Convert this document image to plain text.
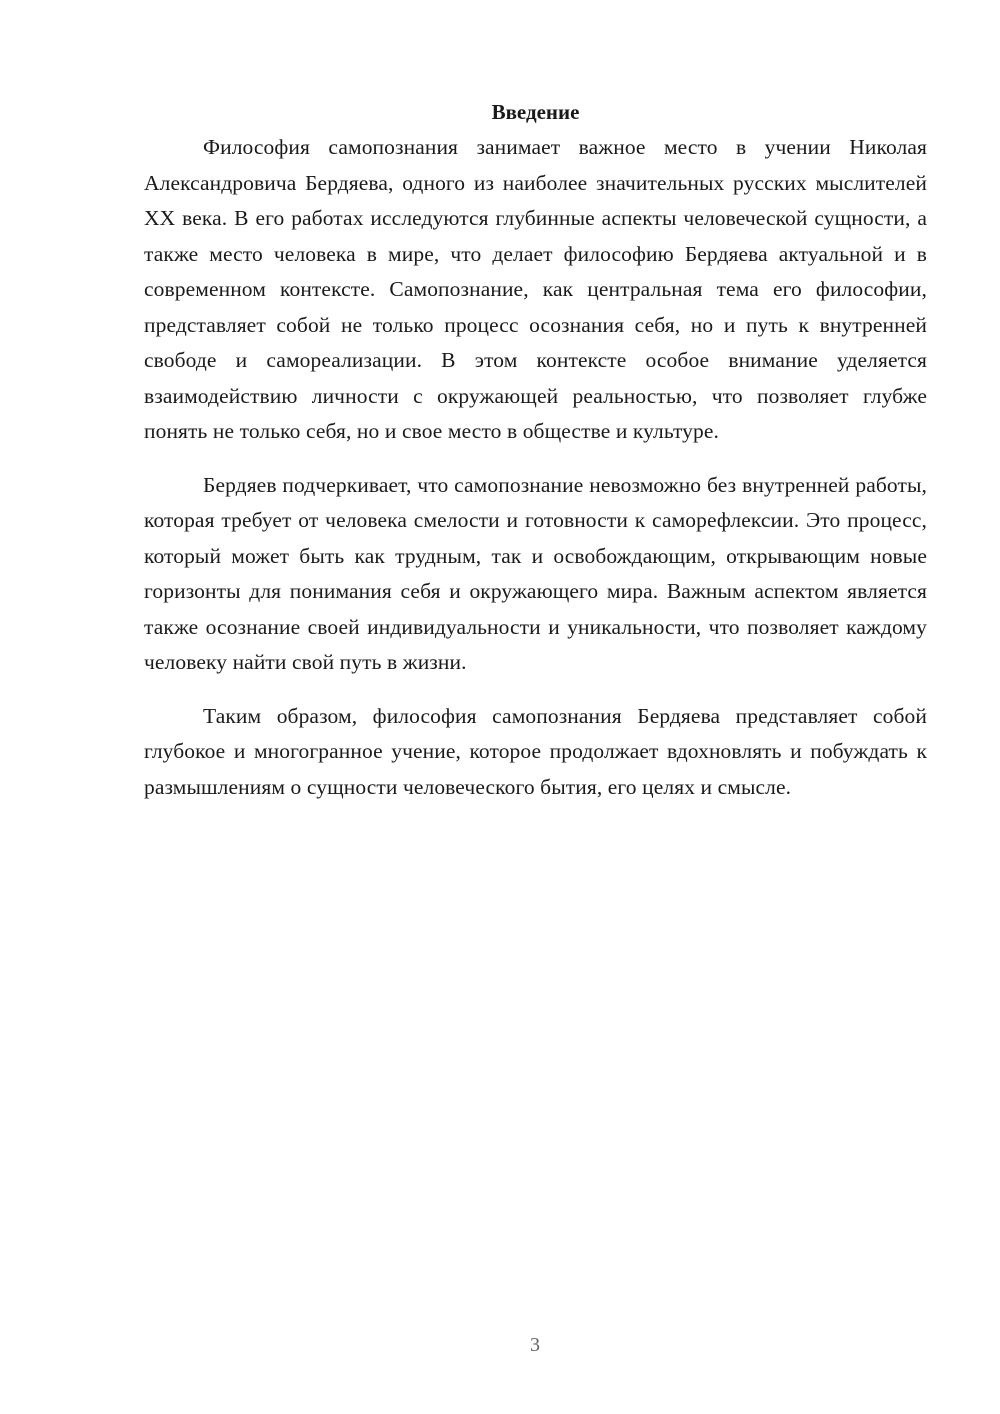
Введение

Философия самопознания занимает важное место в учении Николая Александровича Бердяева, одного из наиболее значительных русских мыслителей XX века. В его работах исследуются глубинные аспекты человеческой сущности, а также место человека в мире, что делает философию Бердяева актуальной и в современном контексте. Самопознание, как центральная тема его философии, представляет собой не только процесс осознания себя, но и путь к внутренней свободе и самореализации. В этом контексте особое внимание уделяется взаимодействию личности с окружающей реальностью, что позволяет глубже понять не только себя, но и свое место в обществе и культуре.

Бердяев подчеркивает, что самопознание невозможно без внутренней работы, которая требует от человека смелости и готовности к саморефлексии. Это процесс, который может быть как трудным, так и освобождающим, открывающим новые горизонты для понимания себя и окружающего мира. Важным аспектом является также осознание своей индивидуальности и уникальности, что позволяет каждому человеку найти свой путь в жизни.

Таким образом, философия самопознания Бердяева представляет собой глубокое и многогранное учение, которое продолжает вдохновлять и побуждать к размышлениям о сущности человеческого бытия, его целях и смысле.

3
